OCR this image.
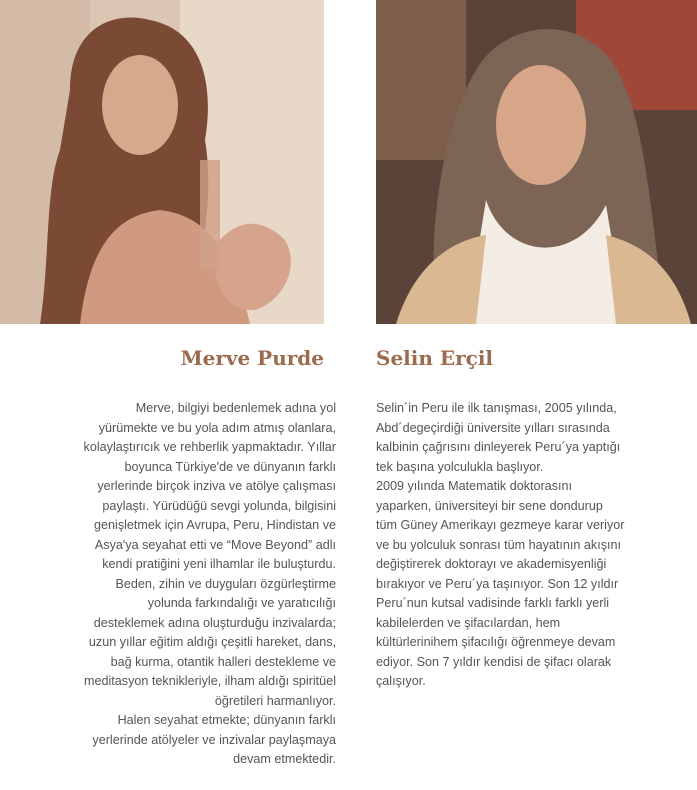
Merve Purde	Selin Erçil
Merve, bilgiyi bedenlemek adına yol
yürümekte ve bu yola adım atmış olanlara,
kolaylaştırıcık ve rehberlik yapmaktadır. Yıllar
boyunca Türkiye'de ve dünyanın farklı
yerlerinde birçok inziva ve atölye çalışması
paylaştı. Yürüdüğü sevgi yolunda, bilgisini
genişletmek için Avrupa, Peru, Hindistan ve
Asya'ya seyahat etti ve “Move Beyond” adlı
kendi pratiğini yeni ilhamlar ile buluşturdu.
Beden, zihin ve duyguları özgürleştirme
yolunda farkındalığı ve yaratıcılığı
desteklemek adına oluşturduğu inzivalarda;
uzun yıllar eğitim aldığı çeşitli hareket, dans,
bağ kurma, otantik halleri destekleme ve
meditasyon teknikleriyle, ilham aldığı spiritüel
öğretileri harmanlıyor.
Halen seyahat etmekte; dünyanın farklı
yerlerinde atölyeler ve inzivalar paylaşmaya
devam etmektedir.
Selin´in Peru ile ilk tanışması, 2005 yılında,
Abd´degeçirdiği üniversite yılları sırasında
kalbinin çağrısını dinleyerek Peru´ya yaptığı
tek başına yolculukla başlıyor.
2009 yılında Matematik doktorasını
yaparken, üniversiteyi bir sene dondurup
tüm Güney Amerikayı gezmeye karar veriyor
ve bu yolculuk sonrası tüm hayatının akışını
değiştirerek doktorayı ve akademisyenliği
bırakıyor ve Peru´ya taşınıyor. Son 12 yıldır
Peru´nun kutsal vadisinde farklı farklı yerli
kabilelerden ve şifacılardan, hem
kültürlerinihem şifacılığı öğrenmeye devam
ediyor. Son 7 yıldır kendisi de şifacı olarak
çalışıyor.
